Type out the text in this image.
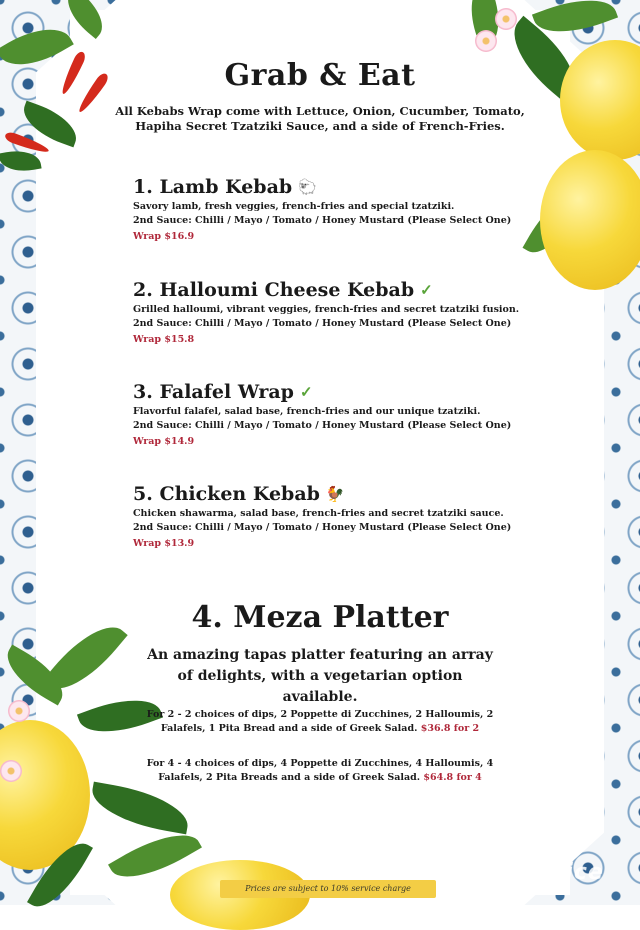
Grab & Eat
All Kebabs Wrap come with Lettuce, Onion, Cucumber, Tomato, Hapiha Secret Tzatziki Sauce, and a side of French-Fries.
1. Lamb Kebab 🐑
Savory lamb, fresh veggies, french-fries and special tzatziki.
2nd Sauce: Chilli / Mayo / Tomato / Honey Mustard (Please Select One)
Wrap $16.9
2. Halloumi Cheese Kebab ✓
Grilled halloumi, vibrant veggies, french-fries and secret tzatziki fusion.
2nd Sauce: Chilli / Mayo / Tomato / Honey Mustard (Please Select One)
Wrap $15.8
3. Falafel Wrap ✓
Flavorful falafel, salad base, french-fries and our unique tzatziki.
2nd Sauce: Chilli / Mayo / Tomato / Honey Mustard (Please Select One)
Wrap $14.9
5. Chicken Kebab 🐓
Chicken shawarma, salad base, french-fries and secret tzatziki sauce.
2nd Sauce: Chilli / Mayo / Tomato / Honey Mustard (Please Select One)
Wrap $13.9
4. Meza Platter
An amazing tapas platter featuring an array of delights, with a vegetarian option available.
For 2 - 2 choices of dips, 2 Poppette di Zucchines, 2 Halloumis, 2 Falafels, 1 Pita Bread and a side of Greek Salad. $36.8 for 2
For 4 - 4 choices of dips, 4 Poppette di Zucchines, 4 Halloumis, 4 Falafels, 2 Pita Breads and a side of Greek Salad. $64.8 for 4
Prices are subject to 10% service charge
openrice
